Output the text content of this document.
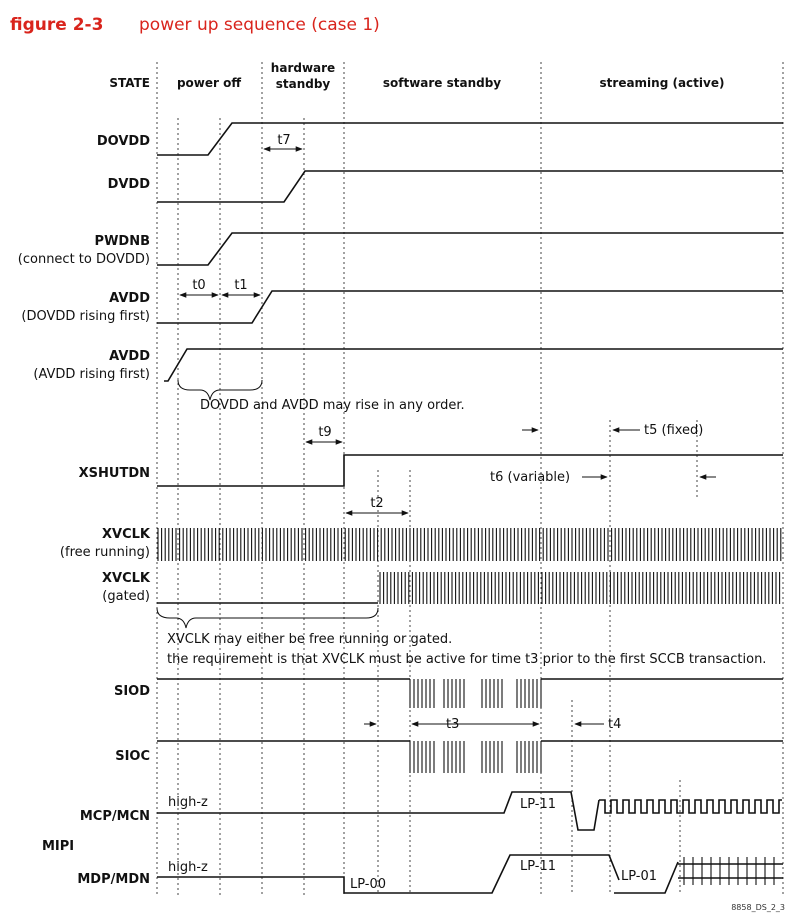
figure 2-3 power up sequence (case 1)
STATE power off
hardware
standby	software standby	streaming (active)
DOVDD
DVDD
PWDNB
(connect to DOVDD)
AVDD
(DOVDD rising first)
AVDD
(AVDD rising first)
XSHUTDN
XVCLK
(free running)
XVCLK
(gated)
SIOD
SIOC
MCP/MCN
MIPI
MDP/MDN
t7
t0 t1
DOVDD and AVDD may rise in any order.
t9	t5 (fixed)
t6 (variable)
t2
XVCLK may either be free running or gated.
the requirement is that XVCLK must be active for time t3 prior to the first SCCB transaction.
t3	t4
high-z	LP-11
high-z
LP-00
LP-11
LP-01
8858_DS_2_3
